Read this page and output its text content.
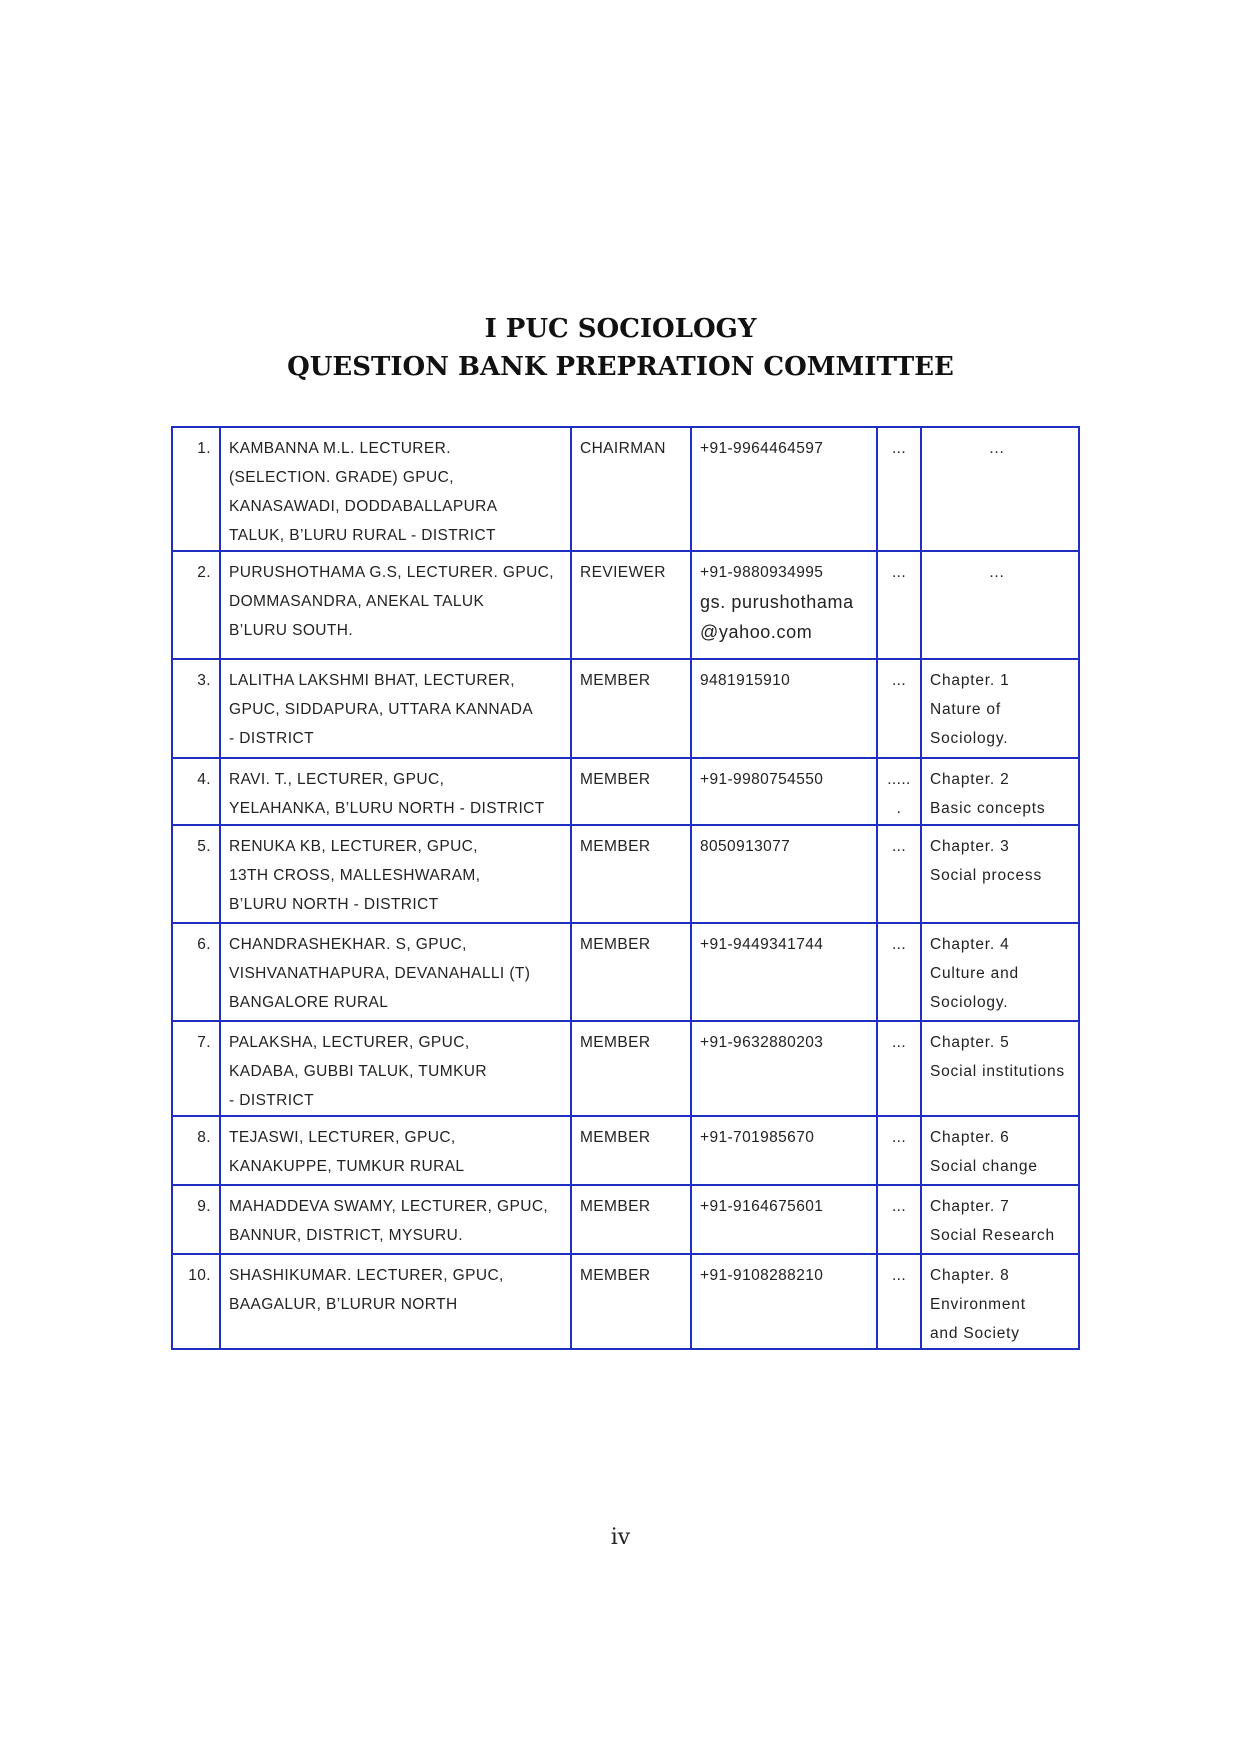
I PUC SOCIOLOGY
QUESTION BANK PREPRATION COMMITTEE
1.	KAMBANNA M.L. LECTURER.
(SELECTION. GRADE) GPUC,
KANASAWADI, DODDABALLAPURA
TALUK, B’LURU RURAL - DISTRICT	CHAIRMAN	+91-9964464597	...	...

2.	PURUSHOTHAMA G.S, LECTURER. GPUC,
DOMMASANDRA, ANEKAL TALUK
B’LURU SOUTH.	REVIEWER	+91-9880934995
gs. purushothama
@yahoo.com	...	...

3.	LALITHA LAKSHMI BHAT, LECTURER,
GPUC, SIDDAPURA, UTTARA KANNADA
- DISTRICT	MEMBER	9481915910	...	Chapter. 1
Nature of
Sociology.

4.	RAVI. T., LECTURER, GPUC,
YELAHANKA, B’LURU NORTH - DISTRICT	MEMBER	+91-9980754550	......	Chapter. 2
Basic concepts

5.	RENUKA KB, LECTURER, GPUC,
13TH CROSS, MALLESHWARAM,
B’LURU NORTH - DISTRICT	MEMBER	8050913077	...	Chapter. 3
Social process

6.	CHANDRASHEKHAR. S, GPUC,
VISHVANATHAPURA, DEVANAHALLI (T)
BANGALORE RURAL	MEMBER	+91-9449341744	...	Chapter. 4
Culture and
Sociology.

7.	PALAKSHA, LECTURER, GPUC,
KADABA, GUBBI TALUK, TUMKUR
- DISTRICT	MEMBER	+91-9632880203	...	Chapter. 5
Social institutions

8.	TEJASWI, LECTURER, GPUC,
KANAKUPPE, TUMKUR RURAL	MEMBER	+91-701985670	...	Chapter. 6
Social change

9.	MAHADDEVA SWAMY, LECTURER, GPUC,
BANNUR, DISTRICT, MYSURU.	MEMBER	+91-9164675601	...	Chapter. 7
Social Research

10.	SHASHIKUMAR. LECTURER, GPUC,
BAAGALUR, B’LURUR NORTH	MEMBER	+91-9108288210	...	Chapter. 8
Environment
and Society
iv
